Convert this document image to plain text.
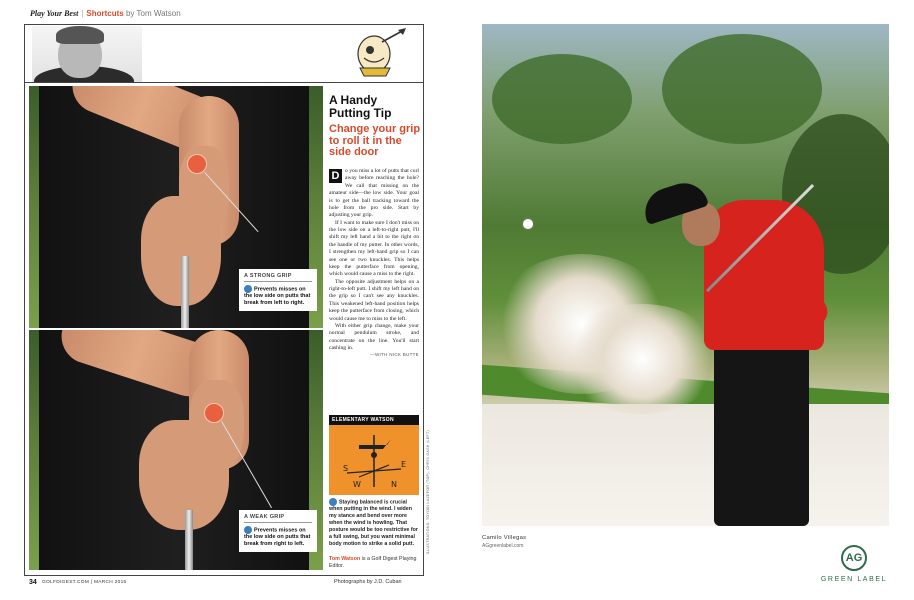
Play Your Best | Shortcuts by Tom Watson
A STRONG GRIP
Prevents misses on the low side on putts that break from left to right.
A WEAK GRIP
Prevents misses on the low side on putts that break from right to left.
A Handy Putting Tip
Change your grip to roll it in the side door

D o you miss a lot of putts that curl away before reaching the hole? We call that missing on the amateur side—the low side. Your goal is to get the ball tracking toward the hole from the pro side. Start by adjusting your grip.

If I want to make sure I don't miss on the low side on a left-to-right putt, I'll shift my left hand a bit to the right on the handle of my putter. In other words, I strengthen my left-hand grip so I can see one or two knuckles. This helps keep the putterface from opening, which would cause a miss to the right.

The opposite adjustment helps on a right-to-left putt. I shift my left hand on the grip so I can't see any knuckles. This weakened left-hand position helps keep the putterface from closing, which would cause me to miss to the left.

With either grip change, make your normal pendulum stroke, and concentrate on the line. You'll start cashing in.

—WITH NICK BUTTE
ELEMENTARY WATSON
S	E
W	N
Staying balanced is crucial when putting in the wind. I widen my stance and bend over more when the wind is howling. That posture would be too restrictive for a full swing, but you want minimal body motion to strike a solid putt.
Tom Watson is a Golf Digest Playing Editor.
ILLUSTRATIONS: TOYOBI LAZEFOR (TOP), CHRIS GASH (LEFT)
34 GOLFDIGEST.COM | MARCH 2015	Photographs by J.D. Cuban
Camilo Villegas
AGgreenlabel.com
AG
GREEN LABEL
